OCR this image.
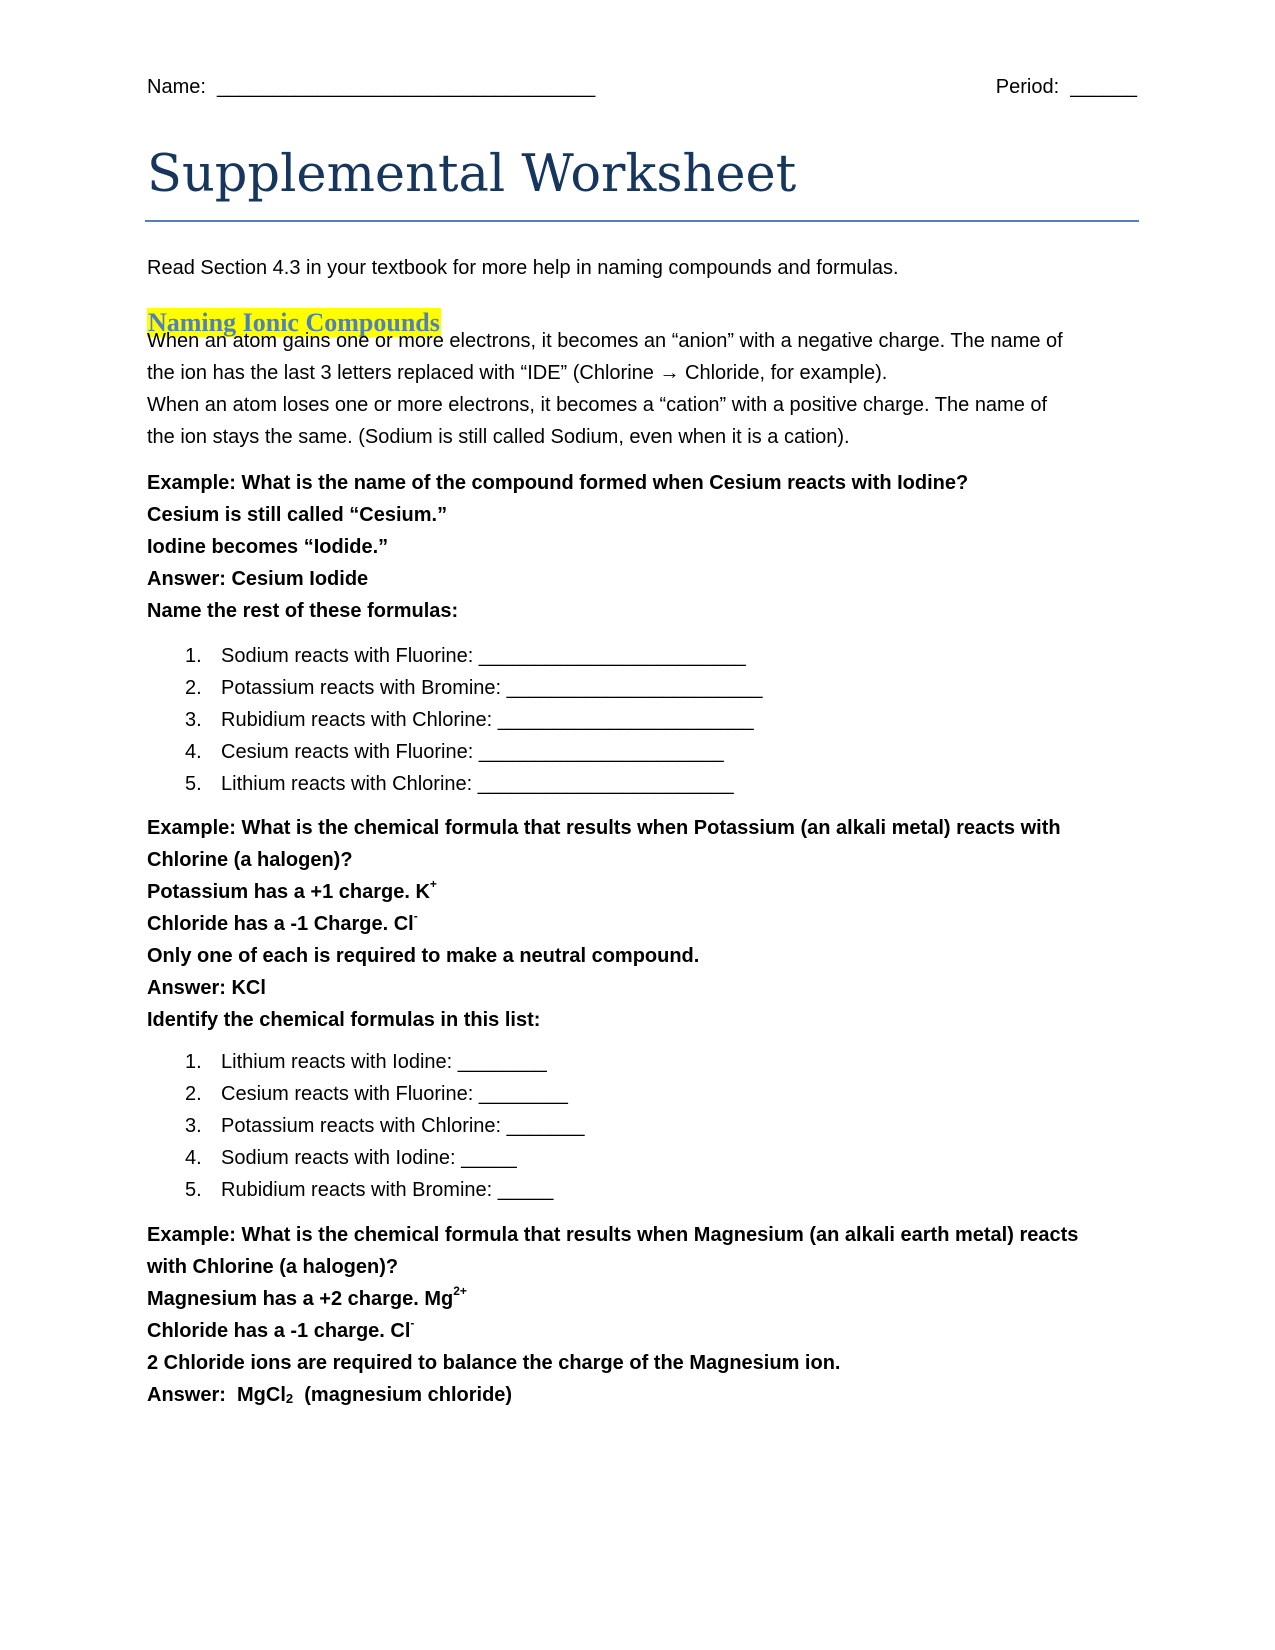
Name:  __________________________________	Period:  ______
Supplemental Worksheet
Read Section 4.3 in your textbook for more help in naming compounds and formulas.
Naming Ionic Compounds
When an atom gains one or more electrons, it becomes an “anion” with a negative charge. The name of
the ion has the last 3 letters replaced with “IDE” (Chlorine → Chloride, for example).
When an atom loses one or more electrons, it becomes a “cation” with a positive charge. The name of
the ion stays the same. (Sodium is still called Sodium, even when it is a cation).
Example: What is the name of the compound formed when Cesium reacts with Iodine?
Cesium is still called “Cesium.”
Iodine becomes “Iodide.”
Answer: Cesium Iodide
Name the rest of these formulas:
1. Sodium reacts with Fluorine: ________________________
2. Potassium reacts with Bromine: _______________________
3. Rubidium reacts with Chlorine: _______________________
4. Cesium reacts with Fluorine: ______________________
5. Lithium reacts with Chlorine: _______________________
Example: What is the chemical formula that results when Potassium (an alkali metal) reacts with
Chlorine (a halogen)?
Potassium has a +1 charge. K+
Chloride has a -1 Charge. Cl-
Only one of each is required to make a neutral compound.
Answer: KCl
Identify the chemical formulas in this list:
1. Lithium reacts with Iodine: ________
2. Cesium reacts with Fluorine: ________
3. Potassium reacts with Chlorine: _______
4. Sodium reacts with Iodine: _____
5. Rubidium reacts with Bromine: _____
Example: What is the chemical formula that results when Magnesium (an alkali earth metal) reacts
with Chlorine (a halogen)?
Magnesium has a +2 charge. $Mg^{2+}$
Chloride has a -1 charge. Cl-
2 Chloride ions are required to balance the charge of the Magnesium ion.
Answer:  MgCl$_2$  (magnesium chloride)
